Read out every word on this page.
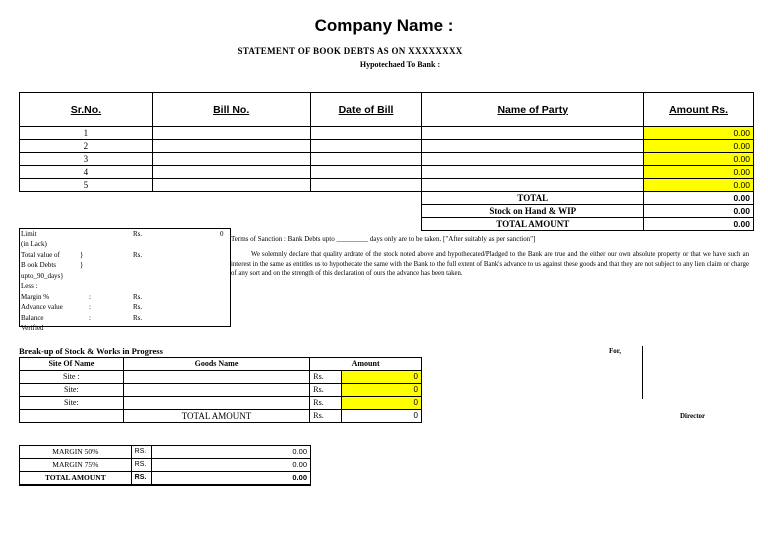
Company Name :
STATEMENT OF BOOK DEBTS AS ON XXXXXXXX
Hypotechaed To Bank :
Sr.No.	Bill No.	Date of Bill	Name of Party	Amount Rs.
1				0.00
2				0.00
3				0.00
4				0.00
5				0.00
			TOTAL	0.00
			Stock on Hand & WIP	0.00
			TOTAL AMOUNT	0.00
Limit	Rs.	0
(in Lack)
Total value of	}	Rs.
B ook Debts	}
upto_90_days}
Less :
Margin %	:	Rs.
Advance value	:	Rs.
Balance	:	Rs.
Verified
Terms of Sanction : Bank Debts upto _________ days only are to be taken. ["After suitably as per sanction"]
We solemnly declare that quality ardrate of the stock noted above and hypothecated/Pladged to the Bank are true and the either our own absolute property or that we have such an interest in the same as entitles us to hypothecate the same with the Bank to the full extent of Bank's advance to us against these goods and that they are not subject to any lien claim or charge of any sort and on the strength of this declaration of ours the advance has been taken.
Break-up of Stock & Works in Progress
Site Of Name	Goods Name	Amount	
Site :		Rs.	0
Site:		Rs.	0
Site:		Rs.	0
	TOTAL AMOUNT	Rs.	0
For,
Director
MARGIN 50%	RS.	0.00
MARGIN 75%	RS.	0.00
TOTAL AMOUNT	RS.	0.00
